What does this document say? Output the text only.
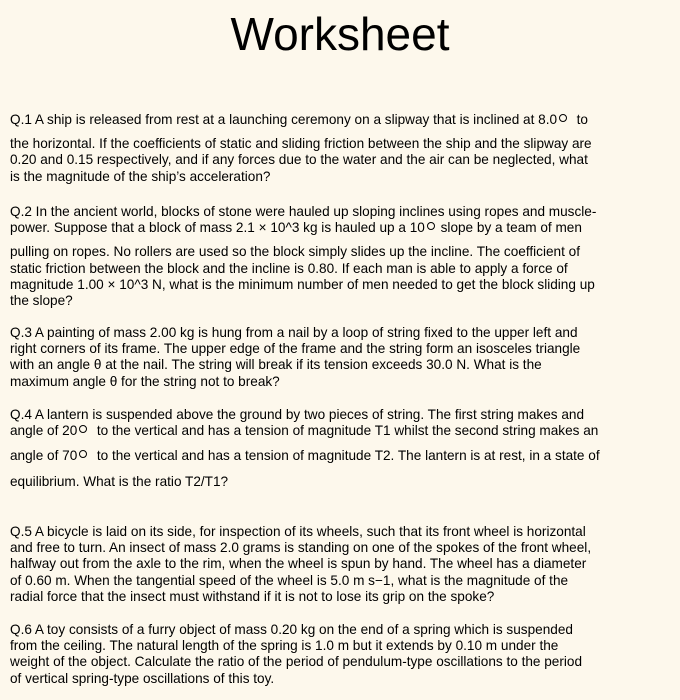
Worksheet
Q.1 A ship is released from rest at a launching ceremony on a slipway that is inclined at 8.0 to
the horizontal. If the coefficients of static and sliding friction between the ship and the slipway are
0.20 and 0.15 respectively, and if any forces due to the water and the air can be neglected, what
is the magnitude of the ship’s acceleration?
Q.2 In the ancient world, blocks of stone were hauled up sloping inclines using ropes and muscle-
power. Suppose that a block of mass 2.1 × 10^3 kg is hauled up a 10 slope by a team of men
pulling on ropes. No rollers are used so the block simply slides up the incline. The coefficient of
static friction between the block and the incline is 0.80. If each man is able to apply a force of
magnitude 1.00 × 10^3 N, what is the minimum number of men needed to get the block sliding up
the slope?
Q.3 A painting of mass 2.00 kg is hung from a nail by a loop of string fixed to the upper left and
right corners of its frame. The upper edge of the frame and the string form an isosceles triangle
with an angle θ at the nail. The string will break if its tension exceeds 30.0 N. What is the
maximum angle θ for the string not to break?
Q.4 A lantern is suspended above the ground by two pieces of string. The first string makes and
angle of 20 to the vertical and has a tension of magnitude T1 whilst the second string makes an
angle of 70 to the vertical and has a tension of magnitude T2. The lantern is at rest, in a state of
equilibrium. What is the ratio T2/T1?
Q.5 A bicycle is laid on its side, for inspection of its wheels, such that its front wheel is horizontal
and free to turn. An insect of mass 2.0 grams is standing on one of the spokes of the front wheel,
halfway out from the axle to the rim, when the wheel is spun by hand. The wheel has a diameter
of 0.60 m. When the tangential speed of the wheel is 5.0 m s−1, what is the magnitude of the
radial force that the insect must withstand if it is not to lose its grip on the spoke?
Q.6 A toy consists of a furry object of mass 0.20 kg on the end of a spring which is suspended
from the ceiling. The natural length of the spring is 1.0 m but it extends by 0.10 m under the
weight of the object. Calculate the ratio of the period of pendulum-type oscillations to the period
of vertical spring-type oscillations of this toy.
